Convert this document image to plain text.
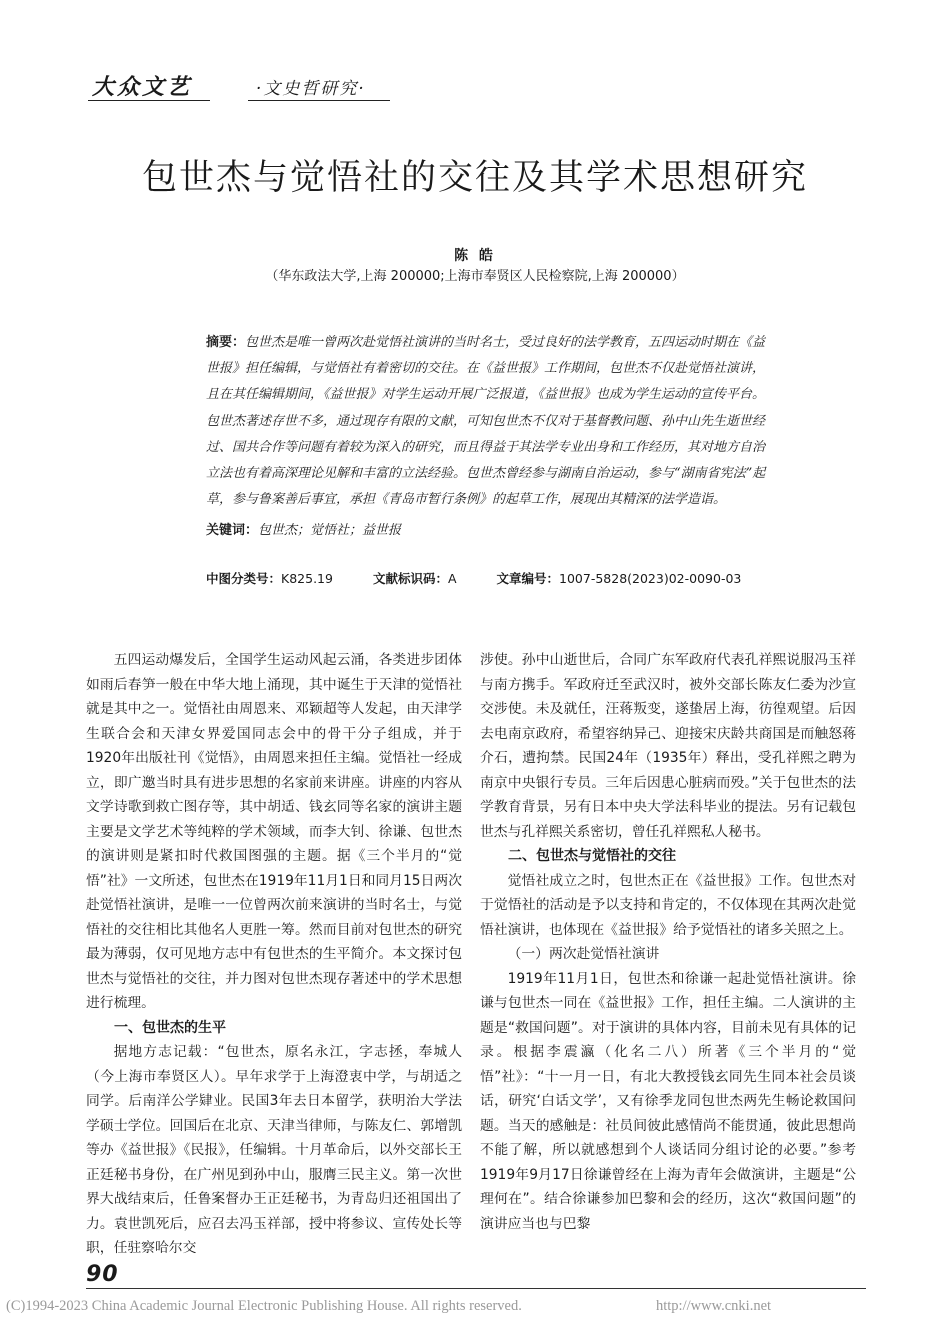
大众文艺	·文史哲研究·
包世杰与觉悟社的交往及其学术思想研究
陈 皓
（华东政法大学,上海 200000;上海市奉贤区人民检察院,上海 200000）
摘要：包世杰是唯一曾两次赴觉悟社演讲的当时名士，受过良好的法学教育，五四运动时期在《益世报》担任编辑，与觉悟社有着密切的交往。在《益世报》工作期间，包世杰不仅赴觉悟社演讲，且在其任编辑期间，《益世报》对学生运动开展广泛报道，《益世报》也成为学生运动的宣传平台。包世杰著述存世不多，通过现存有限的文献，可知包世杰不仅对于基督教问题、孙中山先生逝世经过、国共合作等问题有着较为深入的研究，而且得益于其法学专业出身和工作经历，其对地方自治立法也有着高深理论见解和丰富的立法经验。包世杰曾经参与湖南自治运动，参与“湖南省宪法”起草，参与鲁案善后事宜，承担《青岛市暂行条例》的起草工作，展现出其精深的法学造诣。
关键词：包世杰；觉悟社；益世报
中图分类号：K825.19	文献标识码：A	文章编号：1007-5828(2023)02-0090-03

五四运动爆发后，全国学生运动风起云涌，各类进步团体如雨后春笋一般在中华大地上涌现，其中诞生于天津的觉悟社就是其中之一。觉悟社由周恩来、邓颖超等人发起，由天津学生联合会和天津女界爱国同志会中的骨干分子组成，并于1920年出版社刊《觉悟》，由周恩来担任主编。觉悟社一经成立，即广邀当时具有进步思想的名家前来讲座。讲座的内容从文学诗歌到救亡图存等，其中胡适、钱玄同等名家的演讲主题主要是文学艺术等纯粹的学术领域，而李大钊、徐谦、包世杰的演讲则是紧扣时代救国图强的主题。据《三个半月的“觉悟”社》一文所述，包世杰在1919年11月1日和同月15日两次赴觉悟社演讲，是唯一一位曾两次前来演讲的当时名士，与觉悟社的交往相比其他名人更胜一筹。然而目前对包世杰的研究最为薄弱，仅可见地方志中有包世杰的生平简介。本文探讨包世杰与觉悟社的交往，并力图对包世杰现存著述中的学术思想进行梳理。

一、包世杰的生平

据地方志记载：“包世杰，原名永江，字志拯，奉城人（今上海市奉贤区人）。早年求学于上海澄衷中学，与胡适之同学。后南洋公学肄业。民国3年去日本留学，获明治大学法学硕士学位。回国后在北京、天津当律师，与陈友仁、郭增凯等办《益世报》《民报》，任编辑。十月革命后，以外交部长王正廷秘书身份，在广州见到孙中山，服膺三民主义。第一次世界大战结束后，任鲁案督办王正廷秘书，为青岛归还祖国出了力。袁世凯死后，应召去冯玉祥部，授中将参议、宣传处长等职，任驻察哈尔交

涉使。孙中山逝世后，合同广东军政府代表孔祥熙说服冯玉祥与南方携手。军政府迁至武汉时，被外交部长陈友仁委为沙宣交涉使。未及就任，汪蒋叛变，遂蛰居上海，彷徨观望。后因去电南京政府，希望容纳异己、迎接宋庆龄共商国是而触怒蒋介石，遭拘禁。民国24年（1935年）释出，受孔祥熙之聘为南京中央银行专员。三年后因患心脏病而殁。”关于包世杰的法学教育背景，另有日本中央大学法科毕业的提法。另有记载包世杰与孔祥熙关系密切，曾任孔祥熙私人秘书。

二、包世杰与觉悟社的交往

觉悟社成立之时，包世杰正在《益世报》工作。包世杰对于觉悟社的活动是予以支持和肯定的，不仅体现在其两次赴觉悟社演讲，也体现在《益世报》给予觉悟社的诸多关照之上。

（一）两次赴觉悟社演讲

1919年11月1日，包世杰和徐谦一起赴觉悟社演讲。徐谦与包世杰一同在《益世报》工作，担任主编。二人演讲的主题是“救国问题”。对于演讲的具体内容，目前未见有具体的记录。根据李震瀛（化名二八）所著《三个半月的“觉悟”社》：“十一月一日，有北大教授钱玄同先生同本社会员谈话，研究‘白话文学’，又有徐季龙同包世杰两先生畅论救国问题。当天的感触是：社员间彼此感情尚不能贯通，彼此思想尚不能了解，所以就感想到个人谈话同分组讨论的必要。”参考1919年9月17日徐谦曾经在上海为青年会做演讲，主题是“公理何在”。结合徐谦参加巴黎和会的经历，这次“救国问题”的演讲应当也与巴黎

90
(C)1994-2023 China Academic Journal Electronic Publishing House. All rights reserved.	http://www.cnki.net
